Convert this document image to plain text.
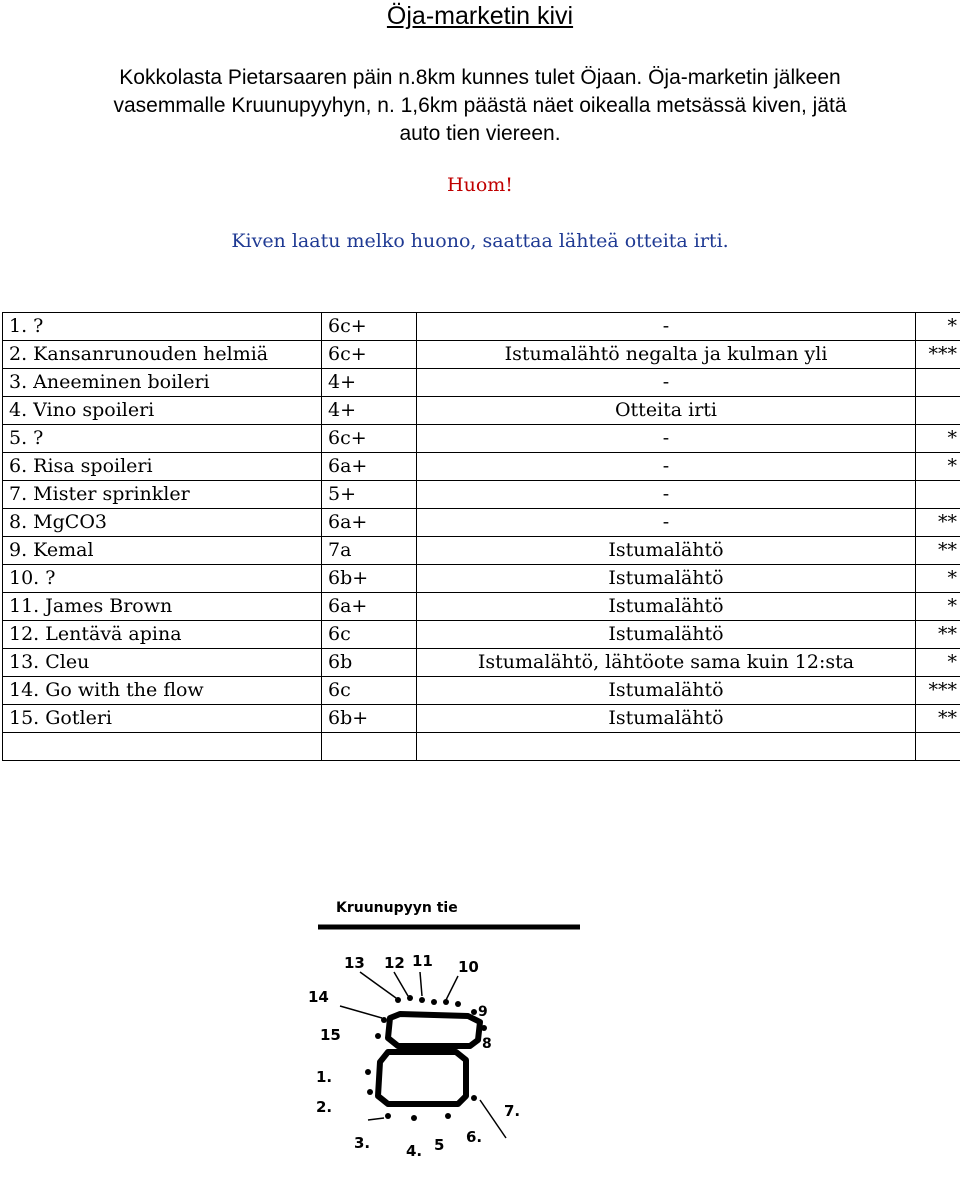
Öja-marketin kivi
Kokkolasta Pietarsaaren päin n.8km kunnes tulet Öjaan. Öja-marketin jälkeen
vasemmalle Kruunupyyhyn, n. 1,6km päästä näet oikealla metsässä kiven, jätä
auto tien viereen.
Huom!
Kiven laatu melko huono, saattaa lähteä otteita irti.
1. ?	6c+	-	*
2. Kansanrunouden helmiä	6c+	Istumalähtö negalta ja kulman yli	***
3. Aneeminen boileri	4+	-	
4. Vino spoileri	4+	Otteita irti	
5. ?	6c+	-	*
6. Risa spoileri	6a+	-	*
7. Mister sprinkler	5+	-	
8. MgCO3	6a+	-	**
9. Kemal	7a	Istumalähtö	**
10. ?	6b+	Istumalähtö	*
11. James Brown	6a+	Istumalähtö	*
12. Lentävä apina	6c	Istumalähtö	**
13. Cleu	6b	Istumalähtö, lähtöote sama kuin 12:sta	*
14. Go with the flow	6c	Istumalähtö	***
15. Gotleri	6b+	Istumalähtö	**

Kruunupyyn tie
13 12 11 10
14
9
15	8
1.
2.	7.
3. 4. 5 6.
